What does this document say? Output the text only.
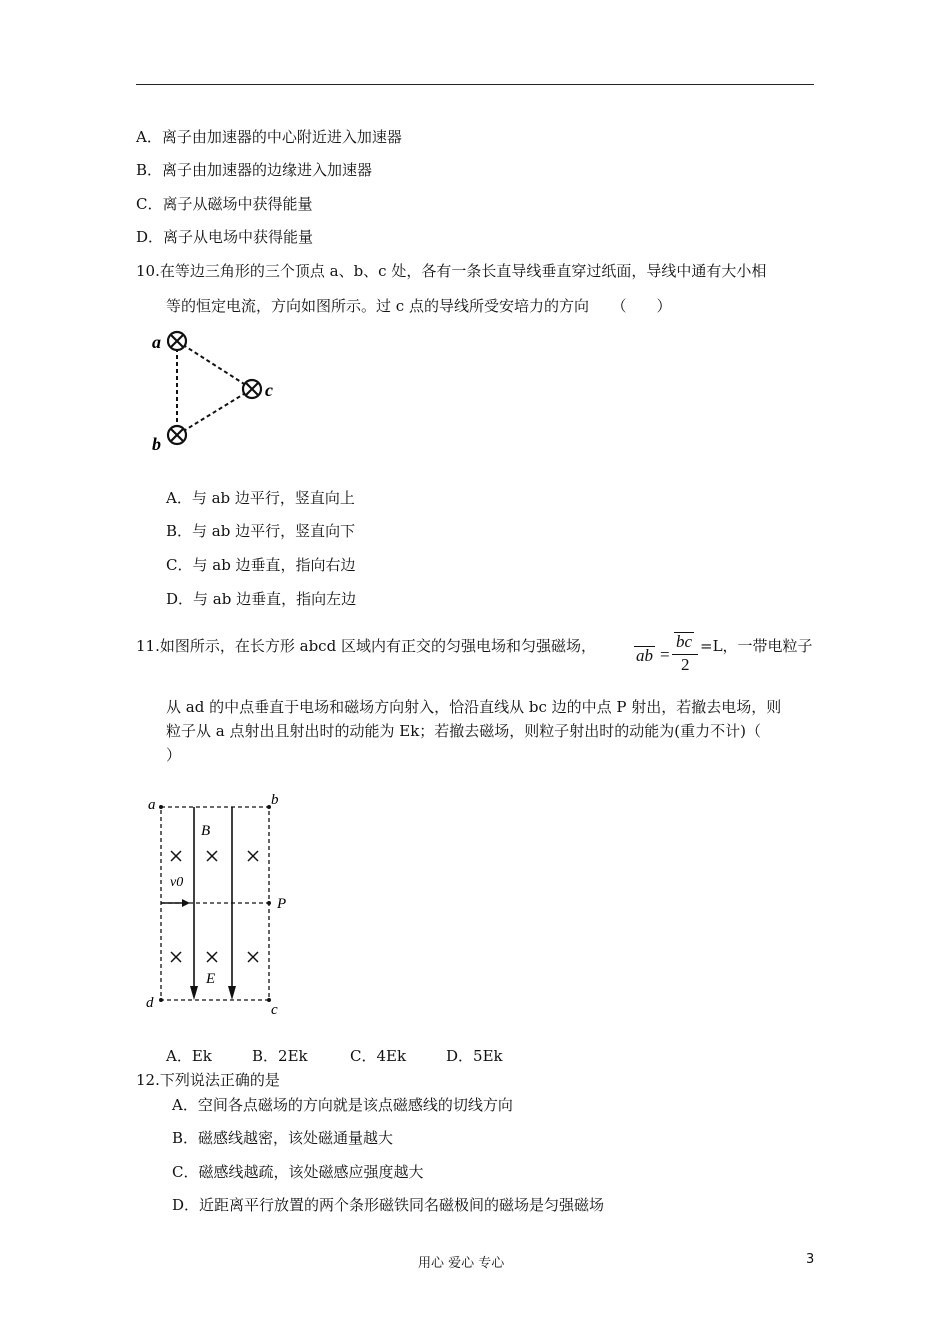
A．离子由加速器的中心附近进入加速器
B．离子由加速器的边缘进入加速器
C．离子从磁场中获得能量
D．离子从电场中获得能量
10.在等边三角形的三个顶点 a、b、c 处，各有一条长直导线垂直穿过纸面，导线中通有大小相
等的恒定电流，方向如图所示。过 c 点的导线所受安培力的方向　　（　　）
a
c
b
A．与 ab 边平行，竖直向上
B．与 ab 边平行，竖直向下
C．与 ab 边垂直，指向右边
D．与 ab 边垂直，指向左边
11.如图所示，在长方形 abcd 区域内有正交的匀强电场和匀强磁场， ab =
bc
2
=L，一带电粒子
从 ad 的中点垂直于电场和磁场方向射入，恰沿直线从 bc 边的中点 P 射出，若撤去电场，则
粒子从 a 点射出且射出时的动能为 Ek；若撤去磁场，则粒子射出时的动能为(重力不计)（
）
a	b
d	c
P
B
E
v0
A．Ek	B．2Ek	C．4Ek	D．5Ek
12.下列说法正确的是
A．空间各点磁场的方向就是该点磁感线的切线方向
B．磁感线越密，该处磁通量越大
C．磁感线越疏，该处磁感应强度越大
D．近距离平行放置的两个条形磁铁同名磁极间的磁场是匀强磁场
用心 爱心 专心	3
